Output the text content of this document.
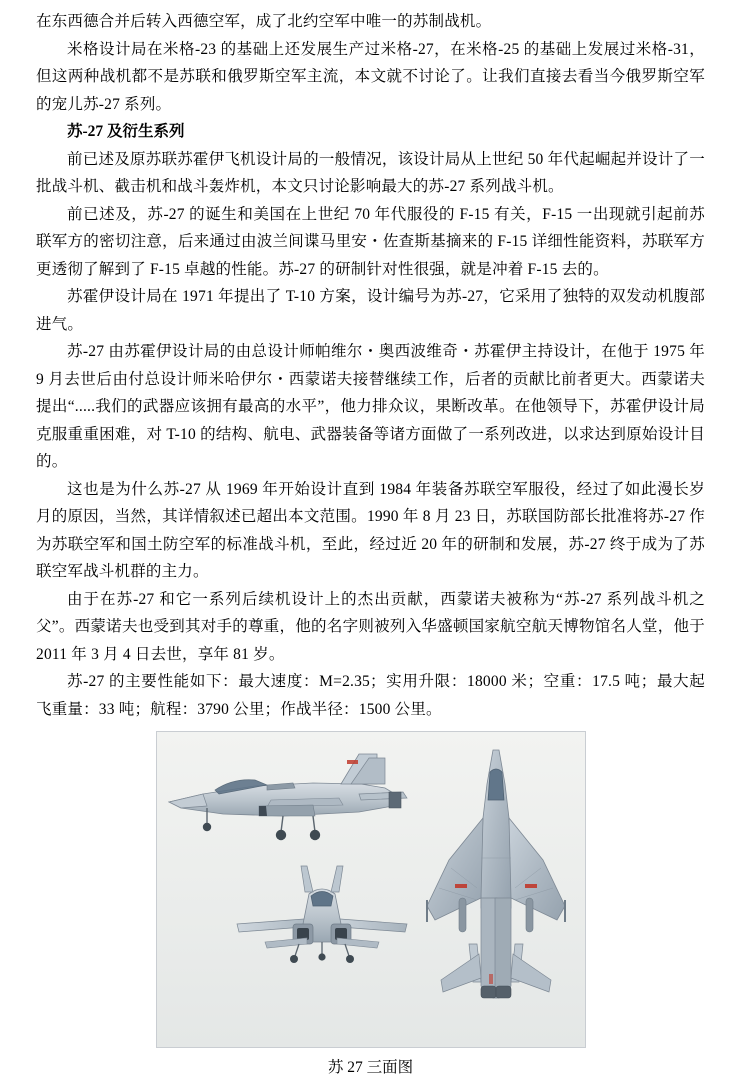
在东西德合并后转入西德空军，成了北约空军中唯一的苏制战机。

米格设计局在米格-23 的基础上还发展生产过米格-27，在米格-25 的基础上发展过米格-31，但这两种战机都不是苏联和俄罗斯空军主流，本文就不讨论了。让我们直接去看当今俄罗斯空军的宠儿苏-27 系列。

苏-27 及衍生系列

前已述及原苏联苏霍伊飞机设计局的一般情况，该设计局从上世纪 50 年代起崛起并设计了一批战斗机、截击机和战斗轰炸机，本文只讨论影响最大的苏-27 系列战斗机。

前已述及，苏-27 的诞生和美国在上世纪 70 年代服役的 F-15 有关，F-15 一出现就引起前苏联军方的密切注意，后来通过由波兰间谍马里安・佐查斯基摘来的 F-15 详细性能资料，苏联军方更透彻了解到了 F-15 卓越的性能。苏-27 的研制针对性很强，就是冲着 F-15 去的。

苏霍伊设计局在 1971 年提出了 T-10 方案，设计编号为苏-27，它采用了独特的双发动机腹部进气。

苏-27 由苏霍伊设计局的由总设计师帕维尔・奥西波维奇・苏霍伊主持设计，在他于 1975 年 9 月去世后由付总设计师米哈伊尔・西蒙诺夫接替继续工作，后者的贡献比前者更大。西蒙诺夫提出“.....我们的武器应该拥有最高的水平”，他力排众议，果断改革。在他领导下，苏霍伊设计局克服重重困难，对 T-10 的结构、航电、武器装备等诸方面做了一系列改进，以求达到原始设计目的。

这也是为什么苏-27 从 1969 年开始设计直到 1984 年装备苏联空军服役，经过了如此漫长岁月的原因，当然，其详情叙述已超出本文范围。1990 年 8 月 23 日，苏联国防部长批准将苏-27 作为苏联空军和国土防空军的标准战斗机，至此，经过近 20 年的研制和发展，苏-27 终于成为了苏联空军战斗机群的主力。

由于在苏-27 和它一系列后续机设计上的杰出贡献，西蒙诺夫被称为“苏-27 系列战斗机之父”。西蒙诺夫也受到其对手的尊重，他的名字则被列入华盛顿国家航空航天博物馆名人堂，他于 2011 年 3 月 4 日去世，享年 81 岁。

苏-27 的主要性能如下：最大速度：M=2.35；实用升限：18000 米；空重：17.5 吨；最大起飞重量：33 吨；航程：3790 公里；作战半径：1500 公里。

苏 27 三面图
